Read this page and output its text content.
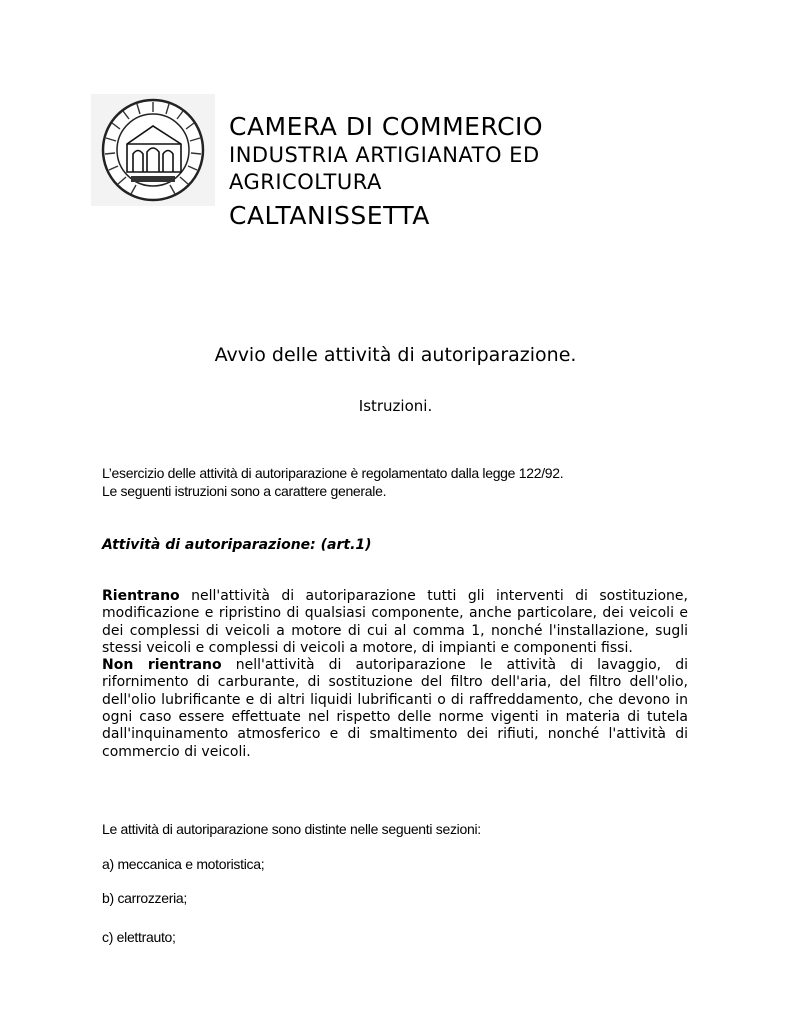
CAMERA DI COMMERCIO
INDUSTRIA ARTIGIANATO ED
AGRICOLTURA
CALTANISSETTA
Avvio delle attività di autoriparazione.
Istruzioni.
L’esercizio delle attività di autoriparazione è regolamentato dalla legge 122/92.
Le seguenti istruzioni sono a carattere generale.
Attività di autoriparazione: (art.1)

Rientrano nell'attività di autoriparazione tutti gli interventi di sostituzione, modificazione e ripristino di qualsiasi componente, anche particolare, dei veicoli e dei complessi di veicoli a motore di cui al comma 1, nonché l'installazione, sugli stessi veicoli e complessi di veicoli a motore, di impianti e componenti fissi.

Non rientrano nell'attività di autoriparazione le attività di lavaggio, di rifornimento di carburante, di sostituzione del filtro dell'aria, del filtro dell'olio, dell'olio lubrificante e di altri liquidi lubrificanti o di raffreddamento, che devono in ogni caso essere effettuate nel rispetto delle norme vigenti in materia di tutela dall'inquinamento atmosferico e di smaltimento dei rifiuti, nonché l'attività di commercio di veicoli.

Le attività di autoriparazione sono distinte nelle seguenti sezioni:
a) meccanica e motoristica;
b) carrozzeria;
c) elettrauto;
